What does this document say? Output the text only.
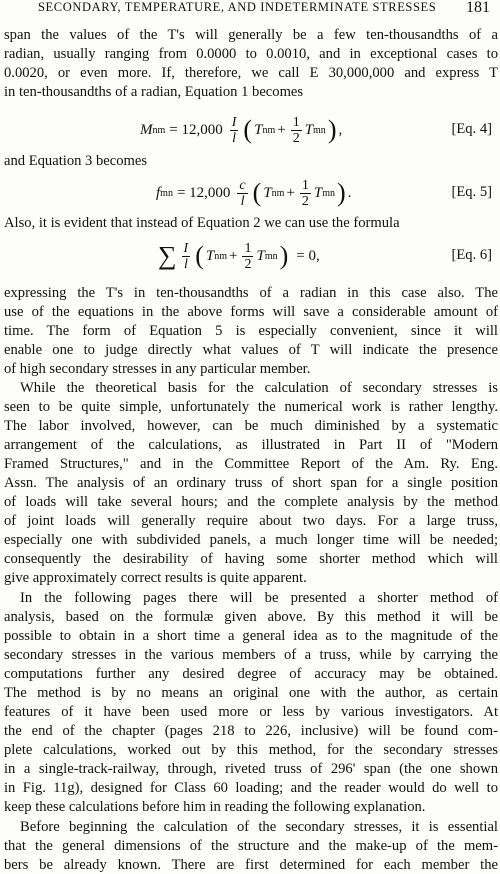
SECONDARY, TEMPERATURE, AND INDETERMINATE STRESSES 181
span the values of the T's will generally be a few ten-thousandths of a
radian, usually ranging from 0.0000 to 0.0010, and in exceptional cases to
0.0020, or even more. If, therefore, we call E 30,000,000 and express T
in ten-thousandths of a radian, Equation 1 becomes
M nm = $12,000 \frac{I}{l}$ ( T nm + $\frac{1}{2}$ T mn ) ,	[Eq. 4]
and Equation 3 becomes
f mn = $12,000 \frac{c}{l}$ ( T nm + $\frac{1}{2}$ T mn ) .	[Eq. 5]
Also, it is evident that instead of Equation 2 we can use the formula
∑ $\frac{I}{l}$ ( T nm + $\frac{1}{2}$ T mn ) = 0,	[Eq. 6]
expressing the T's in ten-thousandths of a radian in this case also. The
use of the equations in the above forms will save a considerable amount of
time. The form of Equation 5 is especially convenient, since it will
enable one to judge directly what values of T will indicate the presence
of high secondary stresses in any particular member.
While the theoretical basis for the calculation of secondary stresses is
seen to be quite simple, unfortunately the numerical work is rather lengthy.
The labor involved, however, can be much diminished by a systematic
arrangement of the calculations, as illustrated in Part II of "Modern
Framed Structures," and in the Committee Report of the Am. Ry. Eng.
Assn. The analysis of an ordinary truss of short span for a single position
of loads will take several hours; and the complete analysis by the method
of joint loads will generally require about two days. For a large truss,
especially one with subdivided panels, a much longer time will be needed;
consequently the desirability of having some shorter method which will
give approximately correct results is quite apparent.
In the following pages there will be presented a shorter method of
analysis, based on the formulæ given above. By this method it will be
possible to obtain in a short time a general idea as to the magnitude of the
secondary stresses in the various members of a truss, while by carrying the
computations further any desired degree of accuracy may be obtained.
The method is by no means an original one with the author, as certain
features of it have been used more or less by various investigators. At
the end of the chapter (pages 218 to 226, inclusive) will be found com-
plete calculations, worked out by this method, for the secondary stresses
in a single-track-railway, through, riveted truss of 296' span (the one shown
in Fig. 11g), designed for Class 60 loading; and the reader would do well to
keep these calculations before him in reading the following explanation.
Before beginning the calculation of the secondary stresses, it is essential
that the general dimensions of the structure and the make-up of the mem-
bers be already known. There are first determined for each member the
